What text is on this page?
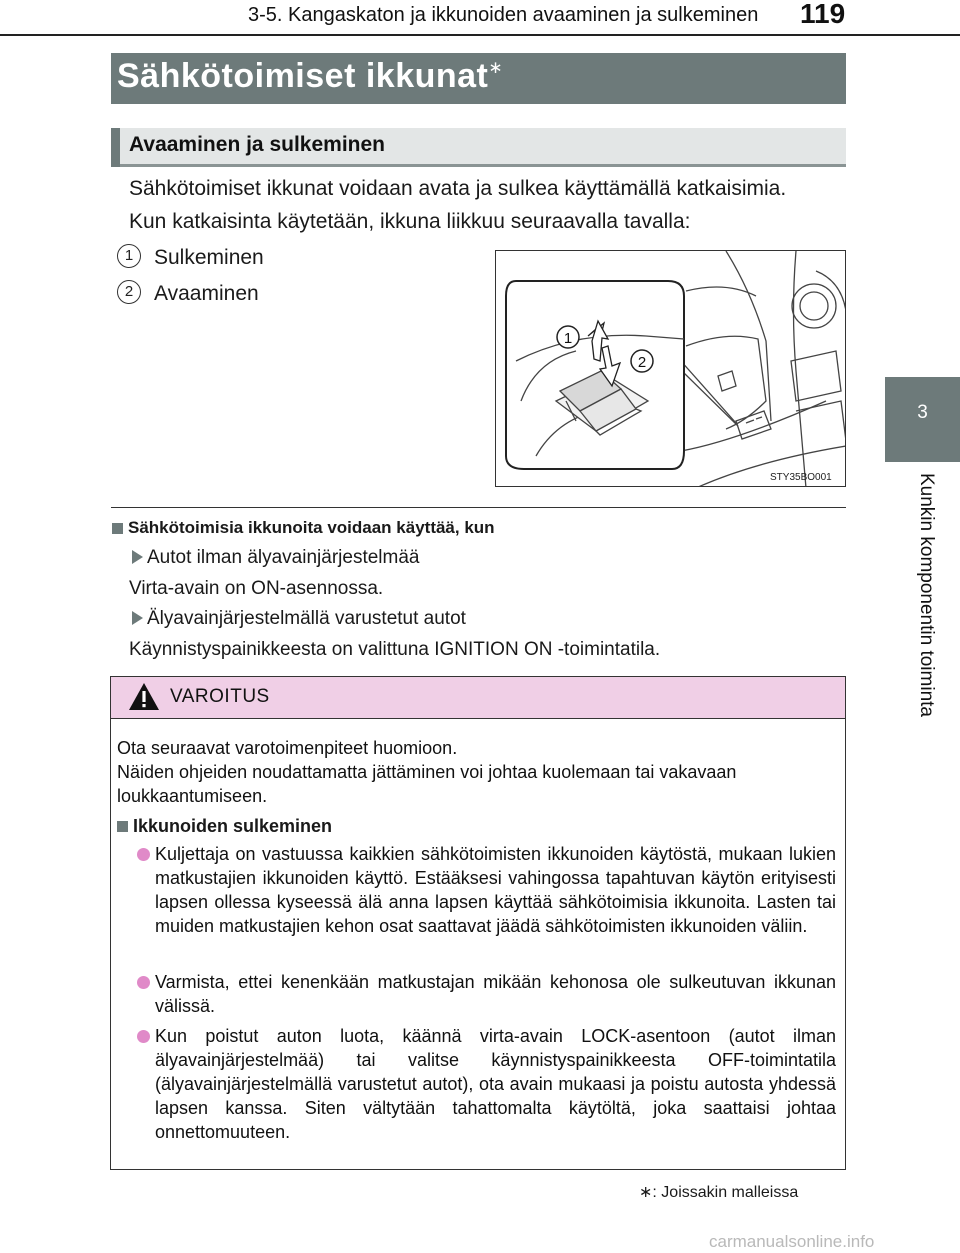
3-5. Kangaskaton ja ikkunoiden avaaminen ja sulkeminen 119
3
Kunkin komponentin toiminta
Sähkötoimiset ikkunat∗
Avaaminen ja sulkeminen
Sähkötoimiset ikkunat voidaan avata ja sulkea käyttämällä katkaisimia.
Kun katkaisinta käytetään, ikkuna liikkuu seuraavalla tavalla:
1 Sulkeminen
2 Avaaminen
1
2
STY35BO001
Sähkötoimisia ikkunoita voidaan käyttää, kun
Autot ilman älyavainjärjestelmää
Virta-avain on ON-asennossa.
Älyavainjärjestelmällä varustetut autot
Käynnistyspainikkeesta on valittuna IGNITION ON -toimintatila.
VAROITUS
Ota seuraavat varotoimenpiteet huomioon.
Näiden ohjeiden noudattamatta jättäminen voi johtaa kuolemaan tai vakavaan
loukkaantumiseen.
Ikkunoiden sulkeminen
Kuljettaja on vastuussa kaikkien sähkötoimisten ikkunoiden käytöstä, mukaan lukien matkustajien ikkunoiden käyttö. Estääksesi vahingossa tapahtuvan käytön erityisesti lapsen ollessa kyseessä älä anna lapsen käyttää sähkötoimisia ikkunoita. Lasten tai muiden matkustajien kehon osat saattavat jäädä sähkötoimisten ikkunoiden väliin.
Varmista, ettei kenenkään matkustajan mikään kehonosa ole sulkeutuvan ikkunan välissä.
Kun poistut auton luota, käännä virta-avain LOCK-asentoon (autot ilman älyavainjärjestelmää) tai valitse käynnistyspainikkeesta OFF-toimintatila (älyavainjärjestelmällä varustetut autot), ota avain mukaasi ja poistu autosta yhdessä lapsen kanssa. Siten vältytään tahattomalta käytöltä, joka saattaisi johtaa onnettomuuteen.
∗: Joissakin malleissa
carmanualsonline.info
